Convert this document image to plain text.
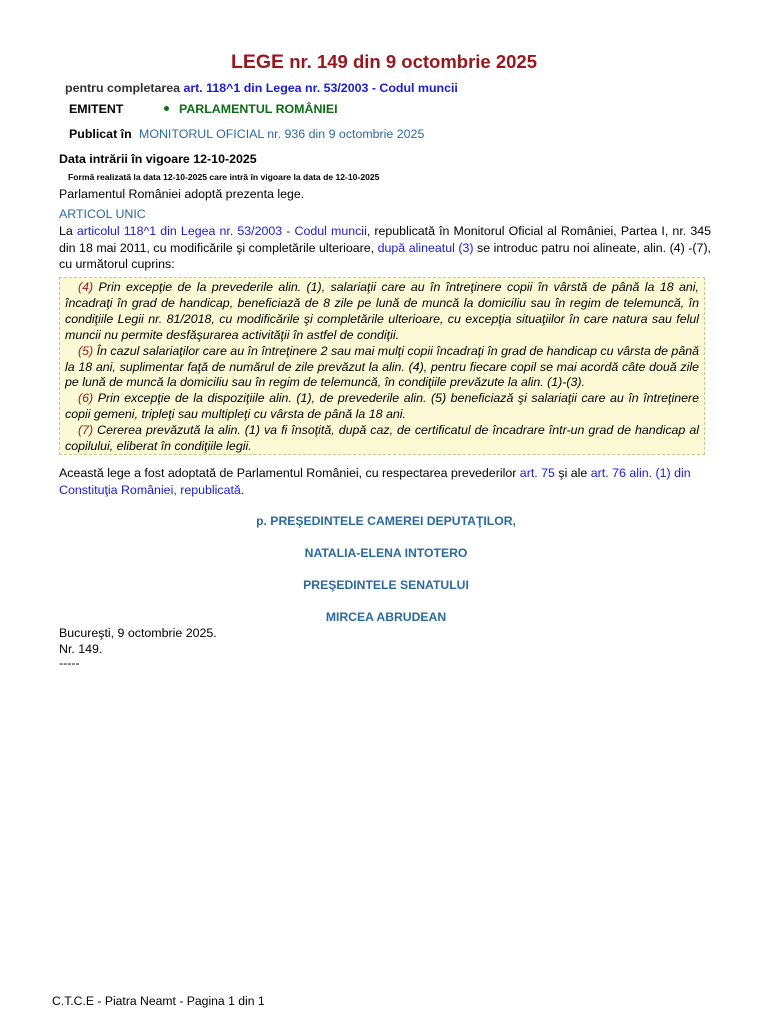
LEGE nr. 149 din 9 octombrie 2025
pentru completarea art. 118^1 din Legea nr. 53/2003 - Codul muncii
EMITENT	PARLAMENTUL ROMÂNIEI
Publicat în MONITORUL OFICIAL nr. 936 din 9 octombrie 2025
Data intrării în vigoare 12-10-2025
Formă realizată la data 12-10-2025 care intră în vigoare la data de 12-10-2025
Parlamentul României adoptă prezenta lege.
ARTICOL UNIC
La articolul 118^1 din Legea nr. 53/2003 - Codul muncii, republicată în Monitorul Oficial al României, Partea I, nr. 345 din 18 mai 2011, cu modificările şi completările ulterioare, după alineatul (3) se introduc patru noi alineate, alin. (4) -(7), cu următorul cuprins:

(4) Prin excepţie de la prevederile alin. (1), salariaţii care au în întreţinere copii în vârstă de până la 18 ani, încadraţi în grad de handicap, beneficiază de 8 zile pe lună de muncă la domiciliu sau în regim de telemuncă, în condiţiile Legii nr. 81/2018, cu modificările şi completările ulterioare, cu excepţia situaţiilor în care natura sau felul muncii nu permite desfăşurarea activităţii în astfel de condiţii.

(5) În cazul salariaţilor care au în întreţinere 2 sau mai mulţi copii încadraţi în grad de handicap cu vârsta de până la 18 ani, suplimentar faţă de numărul de zile prevăzut la alin. (4), pentru fiecare copil se mai acordă câte două zile pe lună de muncă la domiciliu sau în regim de telemuncă, în condiţiile prevăzute la alin. (1)-(3).

(6) Prin excepţie de la dispoziţiile alin. (1), de prevederile alin. (5) beneficiază şi salariaţii care au în întreţinere copii gemeni, tripleţi sau multipleţi cu vârsta de până la 18 ani.

(7) Cererea prevăzută la alin. (1) va fi însoţită, după caz, de certificatul de încadrare într-un grad de handicap al copilului, eliberat în condiţiile legii.

Această lege a fost adoptată de Parlamentul României, cu respectarea prevederilor art. 75 şi ale art. 76 alin. (1) din Constituţia României, republicată.
p. PREŞEDINTELE CAMEREI DEPUTAŢILOR,
NATALIA-ELENA INTOTERO
PREŞEDINTELE SENATULUI
MIRCEA ABRUDEAN
Bucureşti, 9 octombrie 2025.
Nr. 149.
-----
C.T.C.E - Piatra Neamt - Pagina 1 din 1
